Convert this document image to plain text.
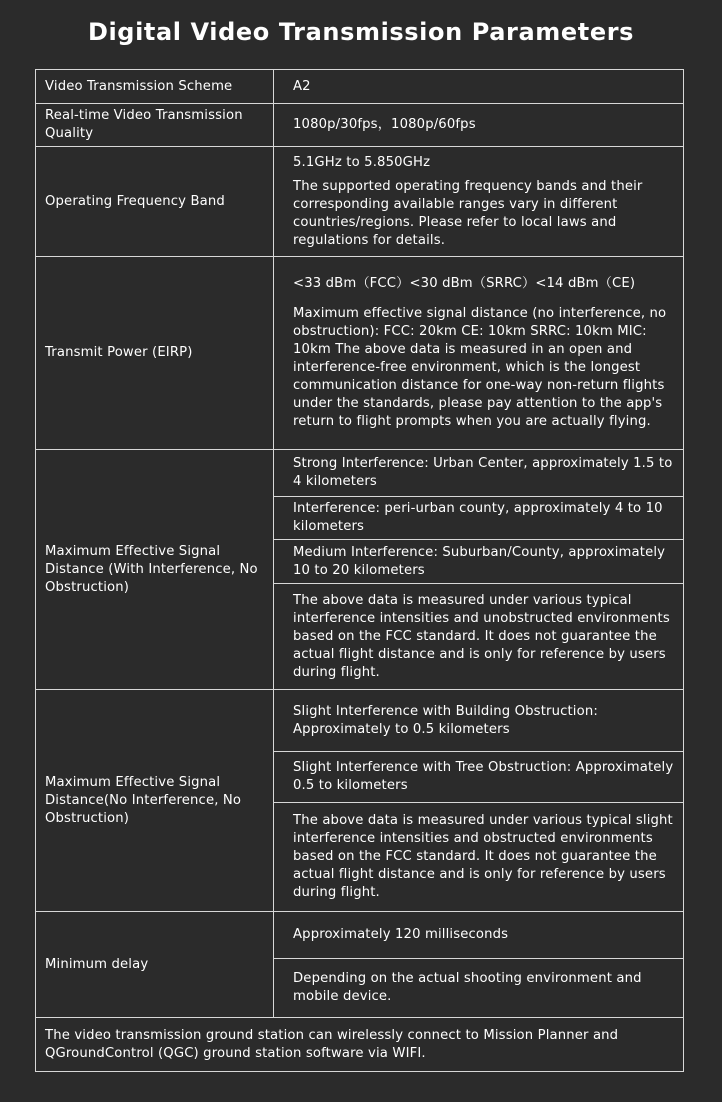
Digital Video Transmission Parameters
Video Transmission Scheme	A2
Real-time Video Transmission Quality	1080p/30fps，1080p/60fps
Operating Frequency Band	5.1GHz to 5.850GHz
The supported operating frequency bands and their corresponding available ranges vary in different countries/regions. Please refer to local laws and regulations for details.

Transmit Power (EIRP)	<33 dBm（FCC）<30 dBm（SRRC）<14 dBm（CE)
Maximum effective signal distance (no interference, no obstruction): FCC: 20km CE: 10km SRRC: 10km MIC: 10km The above data is measured in an open and interference-free environment, which is the longest communication distance for one-way non-return flights under the standards, please pay attention to the app's return to flight prompts when you are actually flying.

Maximum Effective Signal Distance (With Interference, No Obstruction)	Strong Interference: Urban Center, approximately 1.5 to 4 kilometers
	Interference: peri-urban county, approximately 4 to 10 kilometers
	Medium Interference: Suburban/County, approximately 10 to 20 kilometers
	The above data is measured under various typical interference intensities and unobstructed environments based on the FCC standard. It does not guarantee the actual flight distance and is only for reference by users during flight.
Maximum Effective Signal Distance(No Interference, No Obstruction)	Slight Interference with Building Obstruction: Approximately to 0.5 kilometers
	Slight Interference with Tree Obstruction: Approximately 0.5 to kilometers
	The above data is measured under various typical slight interference intensities and obstructed environments based on the FCC standard. It does not guarantee the actual flight distance and is only for reference by users during flight.
Minimum delay	Approximately 120 milliseconds
	Depending on the actual shooting environment and mobile device.
The video transmission ground station can wirelessly connect to Mission Planner and QGroundControl (QGC) ground station software via WIFI.	
